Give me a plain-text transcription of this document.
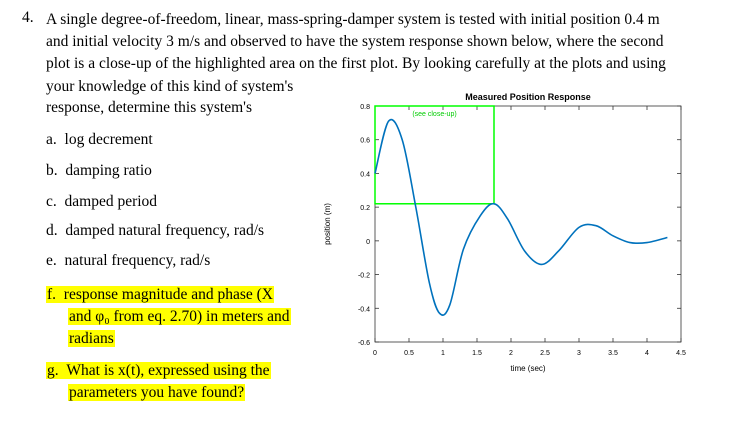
4. A single degree-of-freedom, linear, mass-spring-damper system is tested with initial position 0.4 m

and initial velocity 3 m/s and observed to have the system response shown below, where the second

plot is a close-up of the highlighted area on the first plot. By looking carefully at the plots and using

your knowledge of this kind of system's

response, determine this system's

a. log decrement

b. damping ratio

c. damped period

d. damped natural frequency, rad/s

e. natural frequency, rad/s

f. response magnitude and phase (X

and φ₀ from eq. 2.70) in meters and

radians

g. What is x(t), expressed using the

parameters you have found?

Measured Position Response
-0.6
-0.4
-0.2
0
0.2
0.4
0.6
0.8
0	0.5	1	1.5	2	2.5	3	3.5	4	4.5
time (sec)
position (m)
(see close-up)
